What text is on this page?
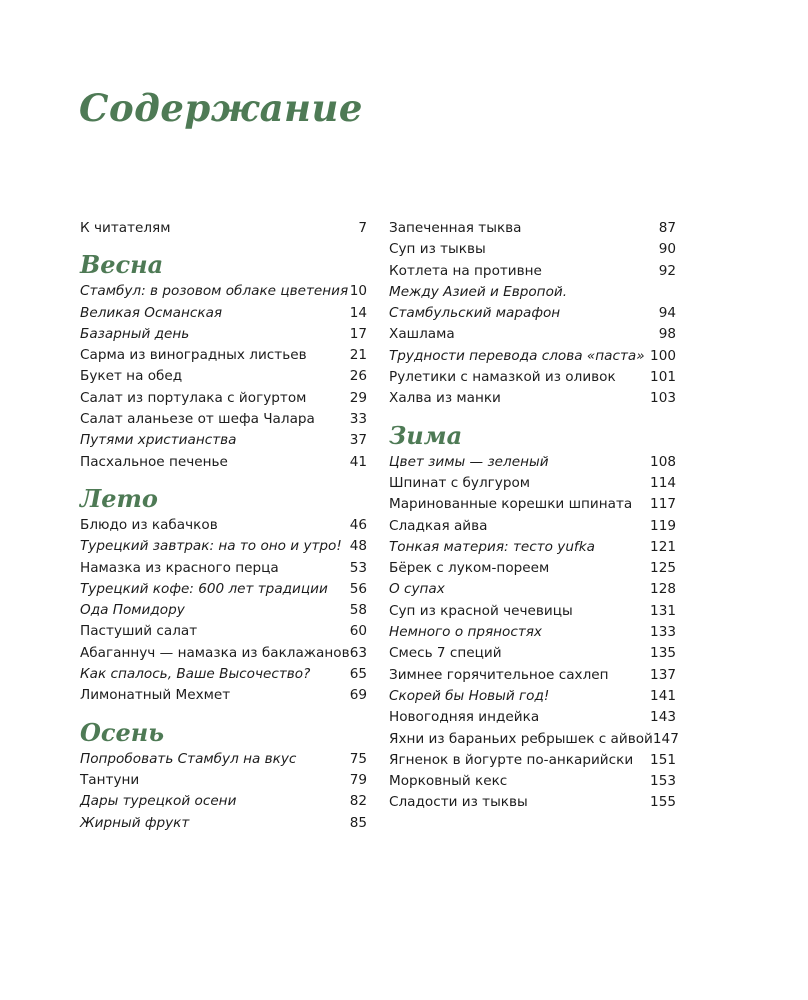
Содержание
К читателям	7
Весна
Стамбул: в розовом облаке цветения 10
Великая Османская	14
Базарный день	17
Сарма из виноградных листьев	21
Букет на обед	26
Салат из портулака с йогуртом	29
Салат аланьезе от шефа Чалара	33
Путями христианства	37
Пасхальное печенье	41
Лето
Блюдо из кабачков	46
Турецкий завтрак: на то оно и утро! 48
Намазка из красного перца	53
Турецкий кофе: 600 лет традиции 56
Ода Помидору	58
Пастуший салат	60
Абаганнуч — намазка из баклажанов 63
Как спалось, Ваше Высочество?	65
Лимонатный Мехмет	69
Осень
Попробовать Стамбул на вкус	75
Тантуни	79
Дары турецкой осени	82
Жирный фрукт	85
Запеченная тыква	87
Суп из тыквы	90
Котлета на противне	92
Между Азией и Европой.
Стамбульский марафон	94
Хашлама	98
Трудности перевода слова «паста» 100
Рулетики с намазкой из оливок	101
Халва из манки	103
Зима
Цвет зимы — зеленый	108
Шпинат с булгуром	114
Маринованные корешки шпината 117
Сладкая айва	119
Тонкая материя: тесто yufka	121
Бёрек с луком-пореем	125
О супах	128
Суп из красной чечевицы	131
Немного о пряностях	133
Смесь 7 специй	135
Зимнее горячительное сахлеп	137
Скорей бы Новый год!	141
Новогодняя индейка	143
Яхни из бараньих ребрышек с айвой 147
Ягненок в йогурте по-анкарийски 151
Морковный кекс	153
Сладости из тыквы	155
